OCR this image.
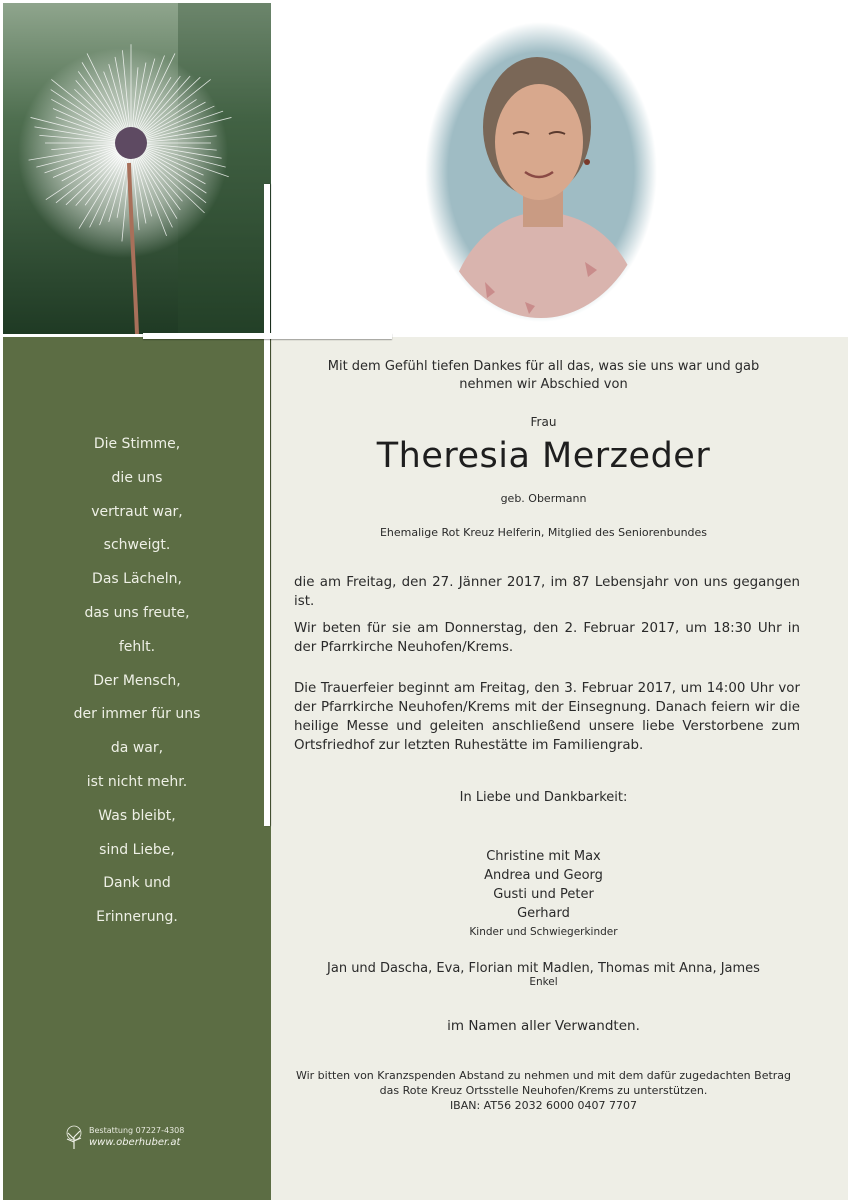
Die Stimme,
die uns
vertraut war,
schweigt.
Das Lächeln,
das uns freute,
fehlt.
Der Mensch,
der immer für uns
da war,
ist nicht mehr.
Was bleibt,
sind Liebe,
Dank und
Erinnerung.
Bestattung 07227-4308
www.oberhuber.at
Mit dem Gefühl tiefen Dankes für all das, was sie uns war und gab
nehmen wir Abschied von
Frau
Theresia Merzeder
geb. Obermann
Ehemalige Rot Kreuz Helferin, Mitglied des Seniorenbundes
die am Freitag, den 27. Jänner 2017, im 87 Lebensjahr von uns gegangen ist.
Wir beten für sie am Donnerstag, den 2. Februar 2017, um 18:30 Uhr in der Pfarrkirche Neuhofen/Krems.
Die Trauerfeier beginnt am Freitag, den 3. Februar 2017, um 14:00 Uhr vor der Pfarrkirche Neuhofen/Krems mit der Einsegnung. Danach feiern wir die heilige Messe und geleiten anschließend unsere liebe Verstorbene zum Ortsfriedhof zur letzten Ruhestätte im Familiengrab.
In Liebe und Dankbarkeit:
Christine mit Max
Andrea und Georg
Gusti und Peter
Gerhard
Kinder und Schwiegerkinder
Jan und Dascha, Eva, Florian mit Madlen, Thomas mit Anna, James
Enkel
im Namen aller Verwandten.
Wir bitten von Kranzspenden Abstand zu nehmen und mit dem dafür zugedachten Betrag
das Rote Kreuz Ortsstelle Neuhofen/Krems zu unterstützen.
IBAN: AT56 2032 6000 0407 7707
